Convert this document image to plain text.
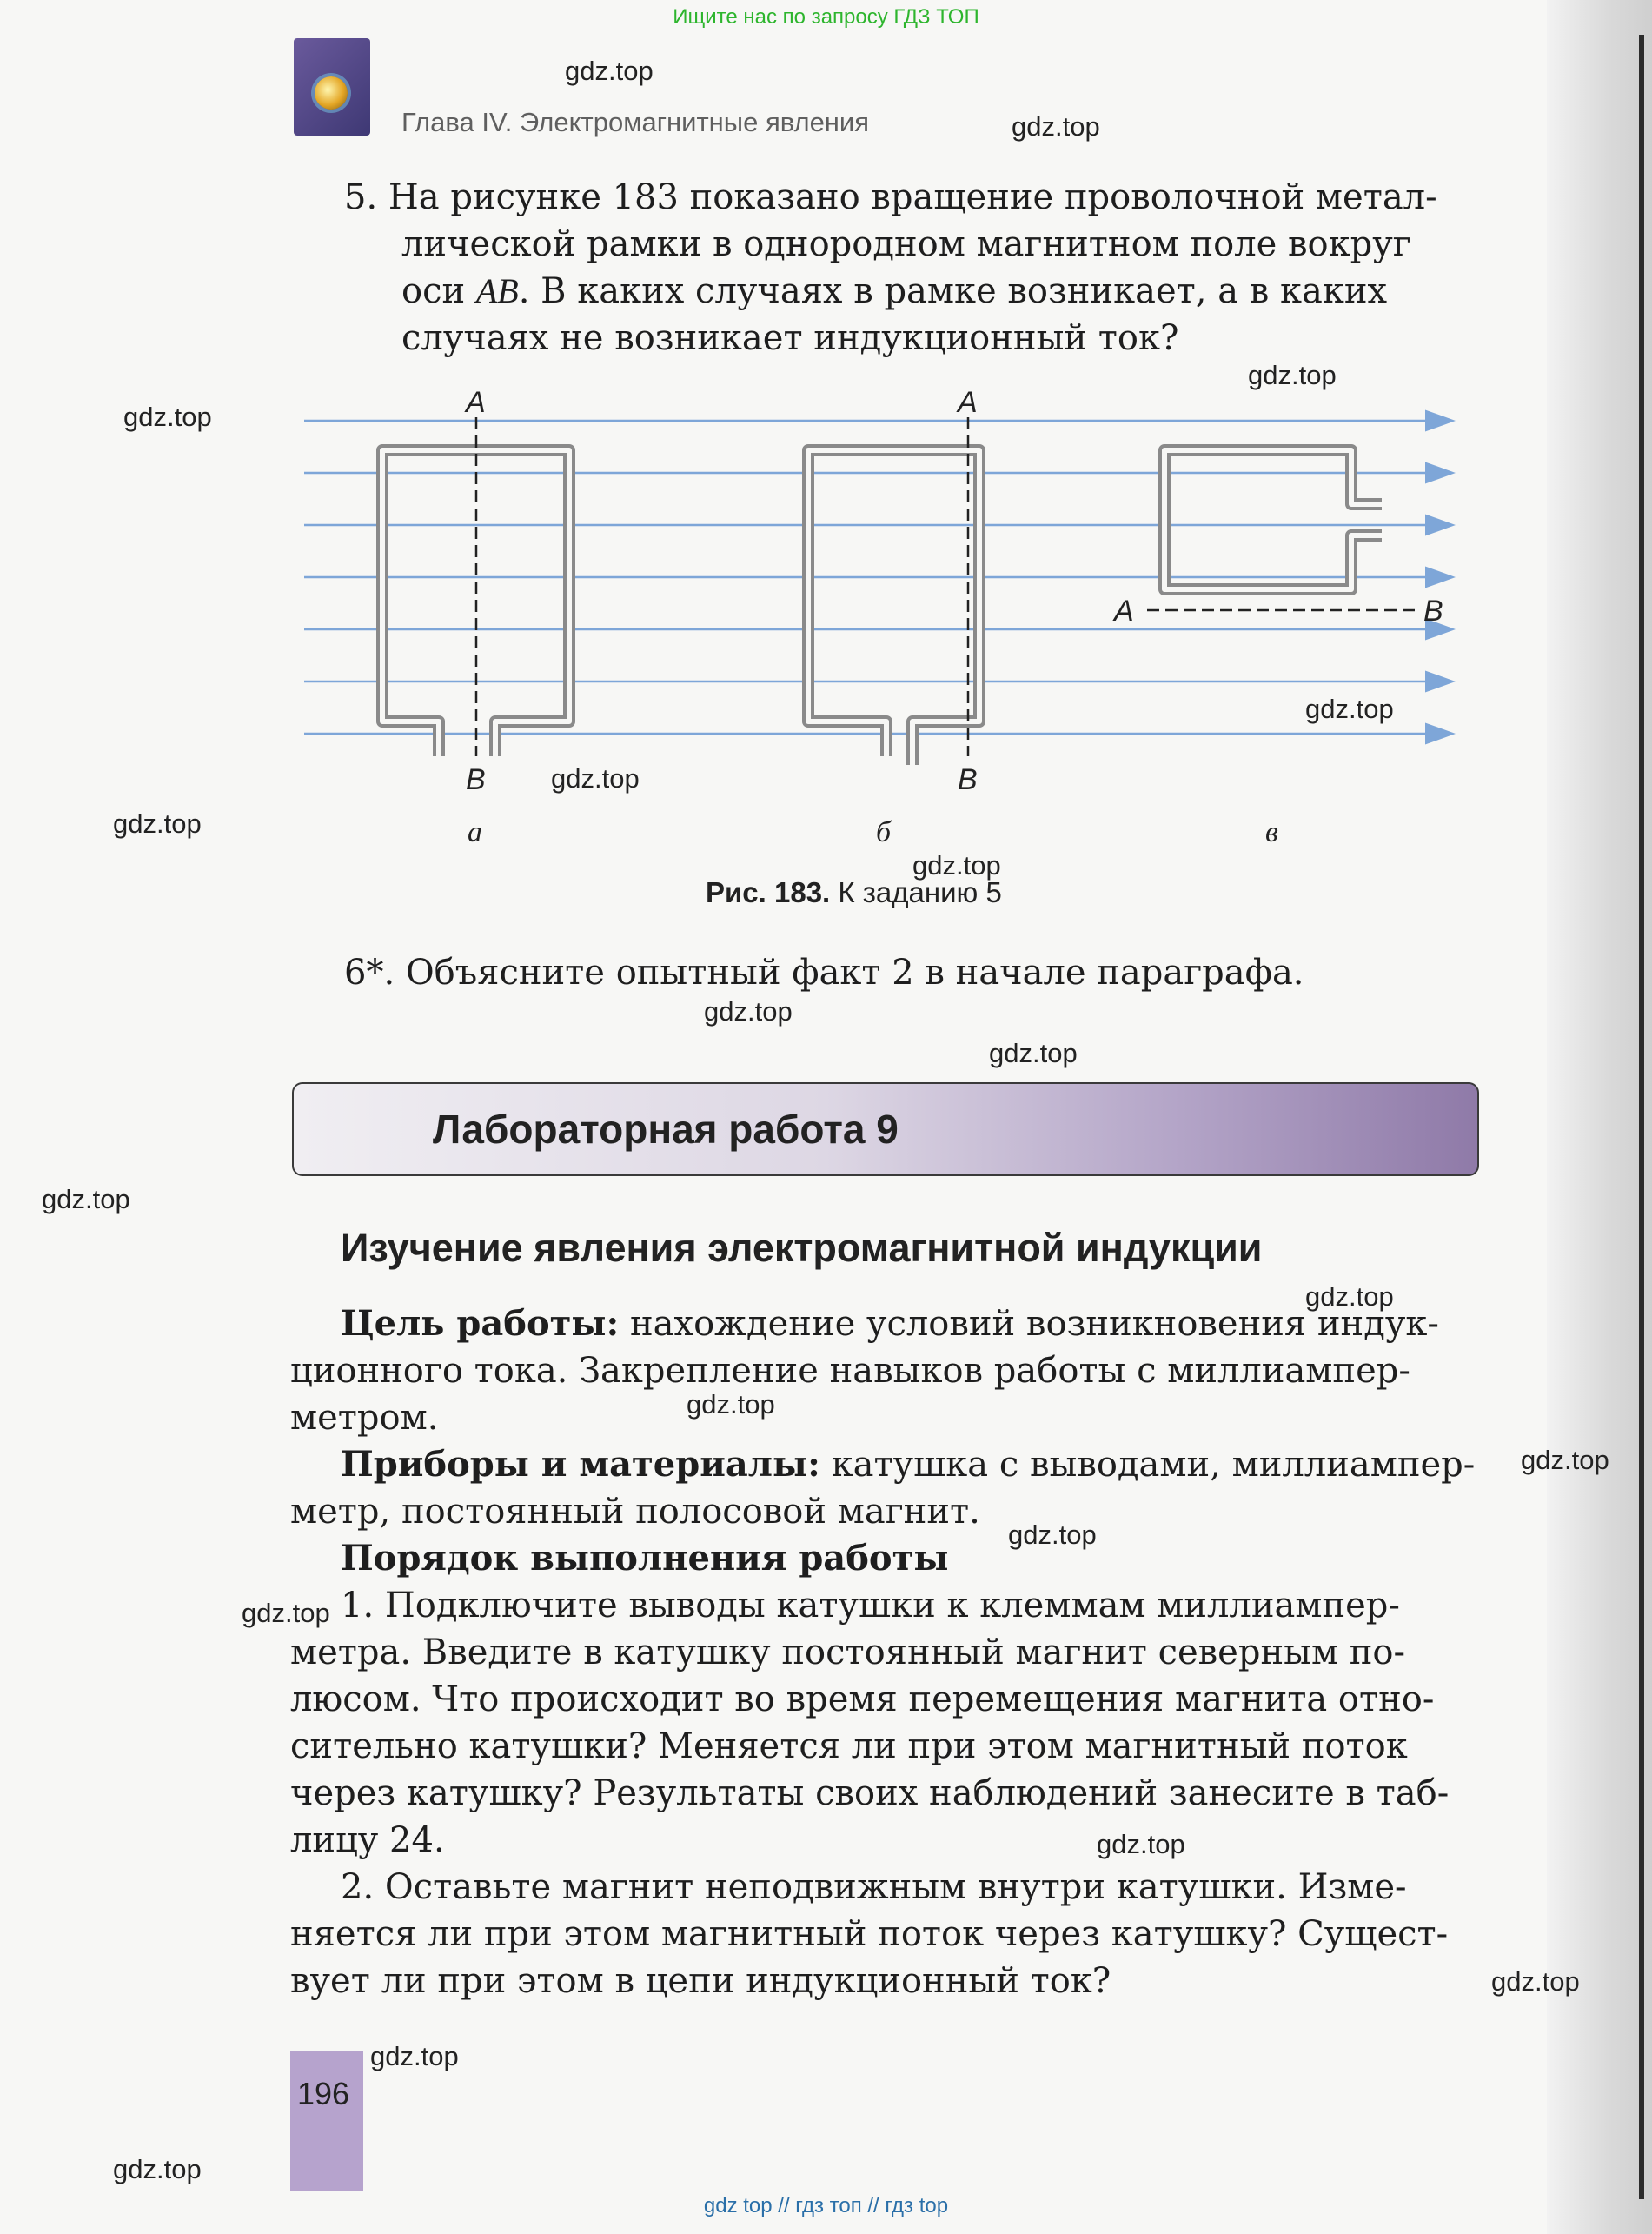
Ищите нас по запросу ГДЗ ТОП
Глава IV. Электромагнитные явления
gdz.top
gdz.top
gdz.top
gdz.top
gdz.top
gdz.top
gdz.top
gdz.top
gdz.top
gdz.top
gdz.top
gdz.top
gdz.top
gdz.top
gdz.top
gdz.top
gdz.top
gdz.top
gdz.top
gdz.top
5. На рисунке 183 показано вращение проволочной метал-
лической рамки в однородном магнитном поле вокруг
оси AB. В каких случаях в рамке возникает, а в каких
случаях не возникает индукционный ток?
A
B
а
A
B
б
A	B
в
Рис. 183. К заданию 5
6*. Объясните опытный факт 2 в начале параграфа.
Лабораторная работа 9
Изучение явления электромагнитной индукции
Цель работы: нахождение условий возникновения индук-
ционного тока. Закрепление навыков работы с миллиампер-
метром.
Приборы и материалы: катушка с выводами, миллиампер-
метр, постоянный полосовой магнит.
Порядок выполнения работы
1. Подключите выводы катушки к клеммам миллиампер-
метра. Введите в катушку постоянный магнит северным по-
люсом. Что происходит во время перемещения магнита отно-
сительно катушки? Меняется ли при этом магнитный поток
через катушку? Результаты своих наблюдений занесите в таб-
лицу 24.
2. Оставьте магнит неподвижным внутри катушки. Изме-
няется ли при этом магнитный поток через катушку? Сущест-
вует ли при этом в цепи индукционный ток?
196
gdz top // гдз топ // гдз top
